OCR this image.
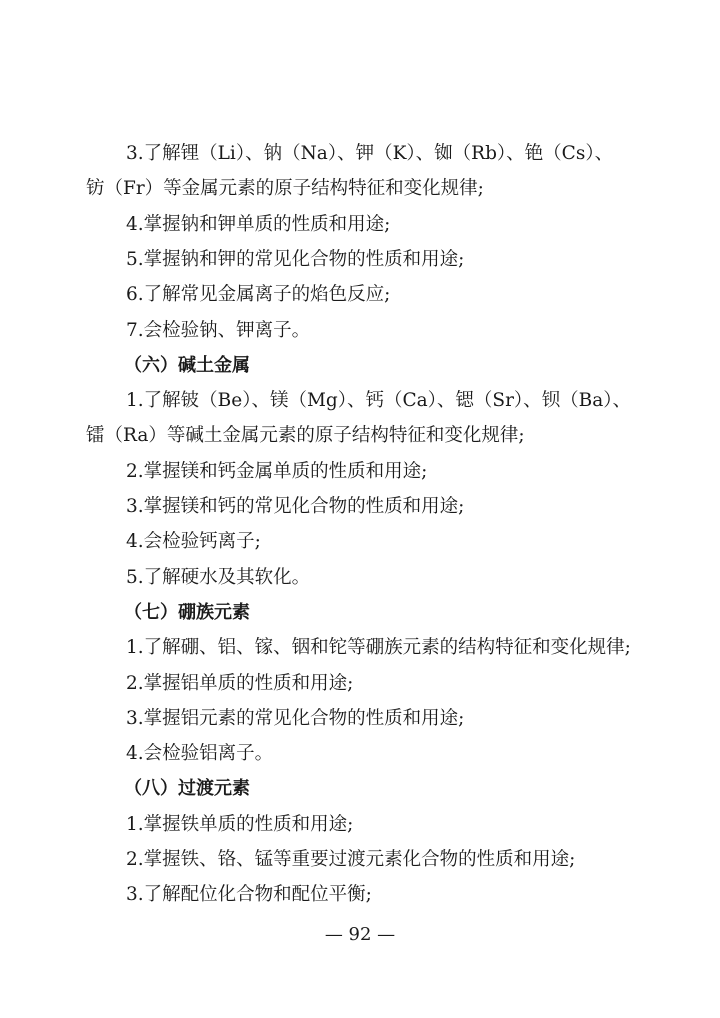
3.了解锂（Li）、钠（Na）、钾（K）、铷（Rb）、铯（Cs）、
钫（Fr）等金属元素的原子结构特征和变化规律;
4.掌握钠和钾单质的性质和用途;
5.掌握钠和钾的常见化合物的性质和用途;
6.了解常见金属离子的焰色反应;
7.会检验钠、钾离子。
（六）碱土金属
1.了解铍（Be）、镁（Mg）、钙（Ca）、锶（Sr）、钡（Ba）、
镭（Ra）等碱土金属元素的原子结构特征和变化规律;
2.掌握镁和钙金属单质的性质和用途;
3.掌握镁和钙的常见化合物的性质和用途;
4.会检验钙离子;
5.了解硬水及其软化。
（七）硼族元素
1.了解硼、铝、镓、铟和铊等硼族元素的结构特征和变化规律;
2.掌握铝单质的性质和用途;
3.掌握铝元素的常见化合物的性质和用途;
4.会检验铝离子。
（八）过渡元素
1.掌握铁单质的性质和用途;
2.掌握铁、铬、锰等重要过渡元素化合物的性质和用途;
3.了解配位化合物和配位平衡;
— 92 —
